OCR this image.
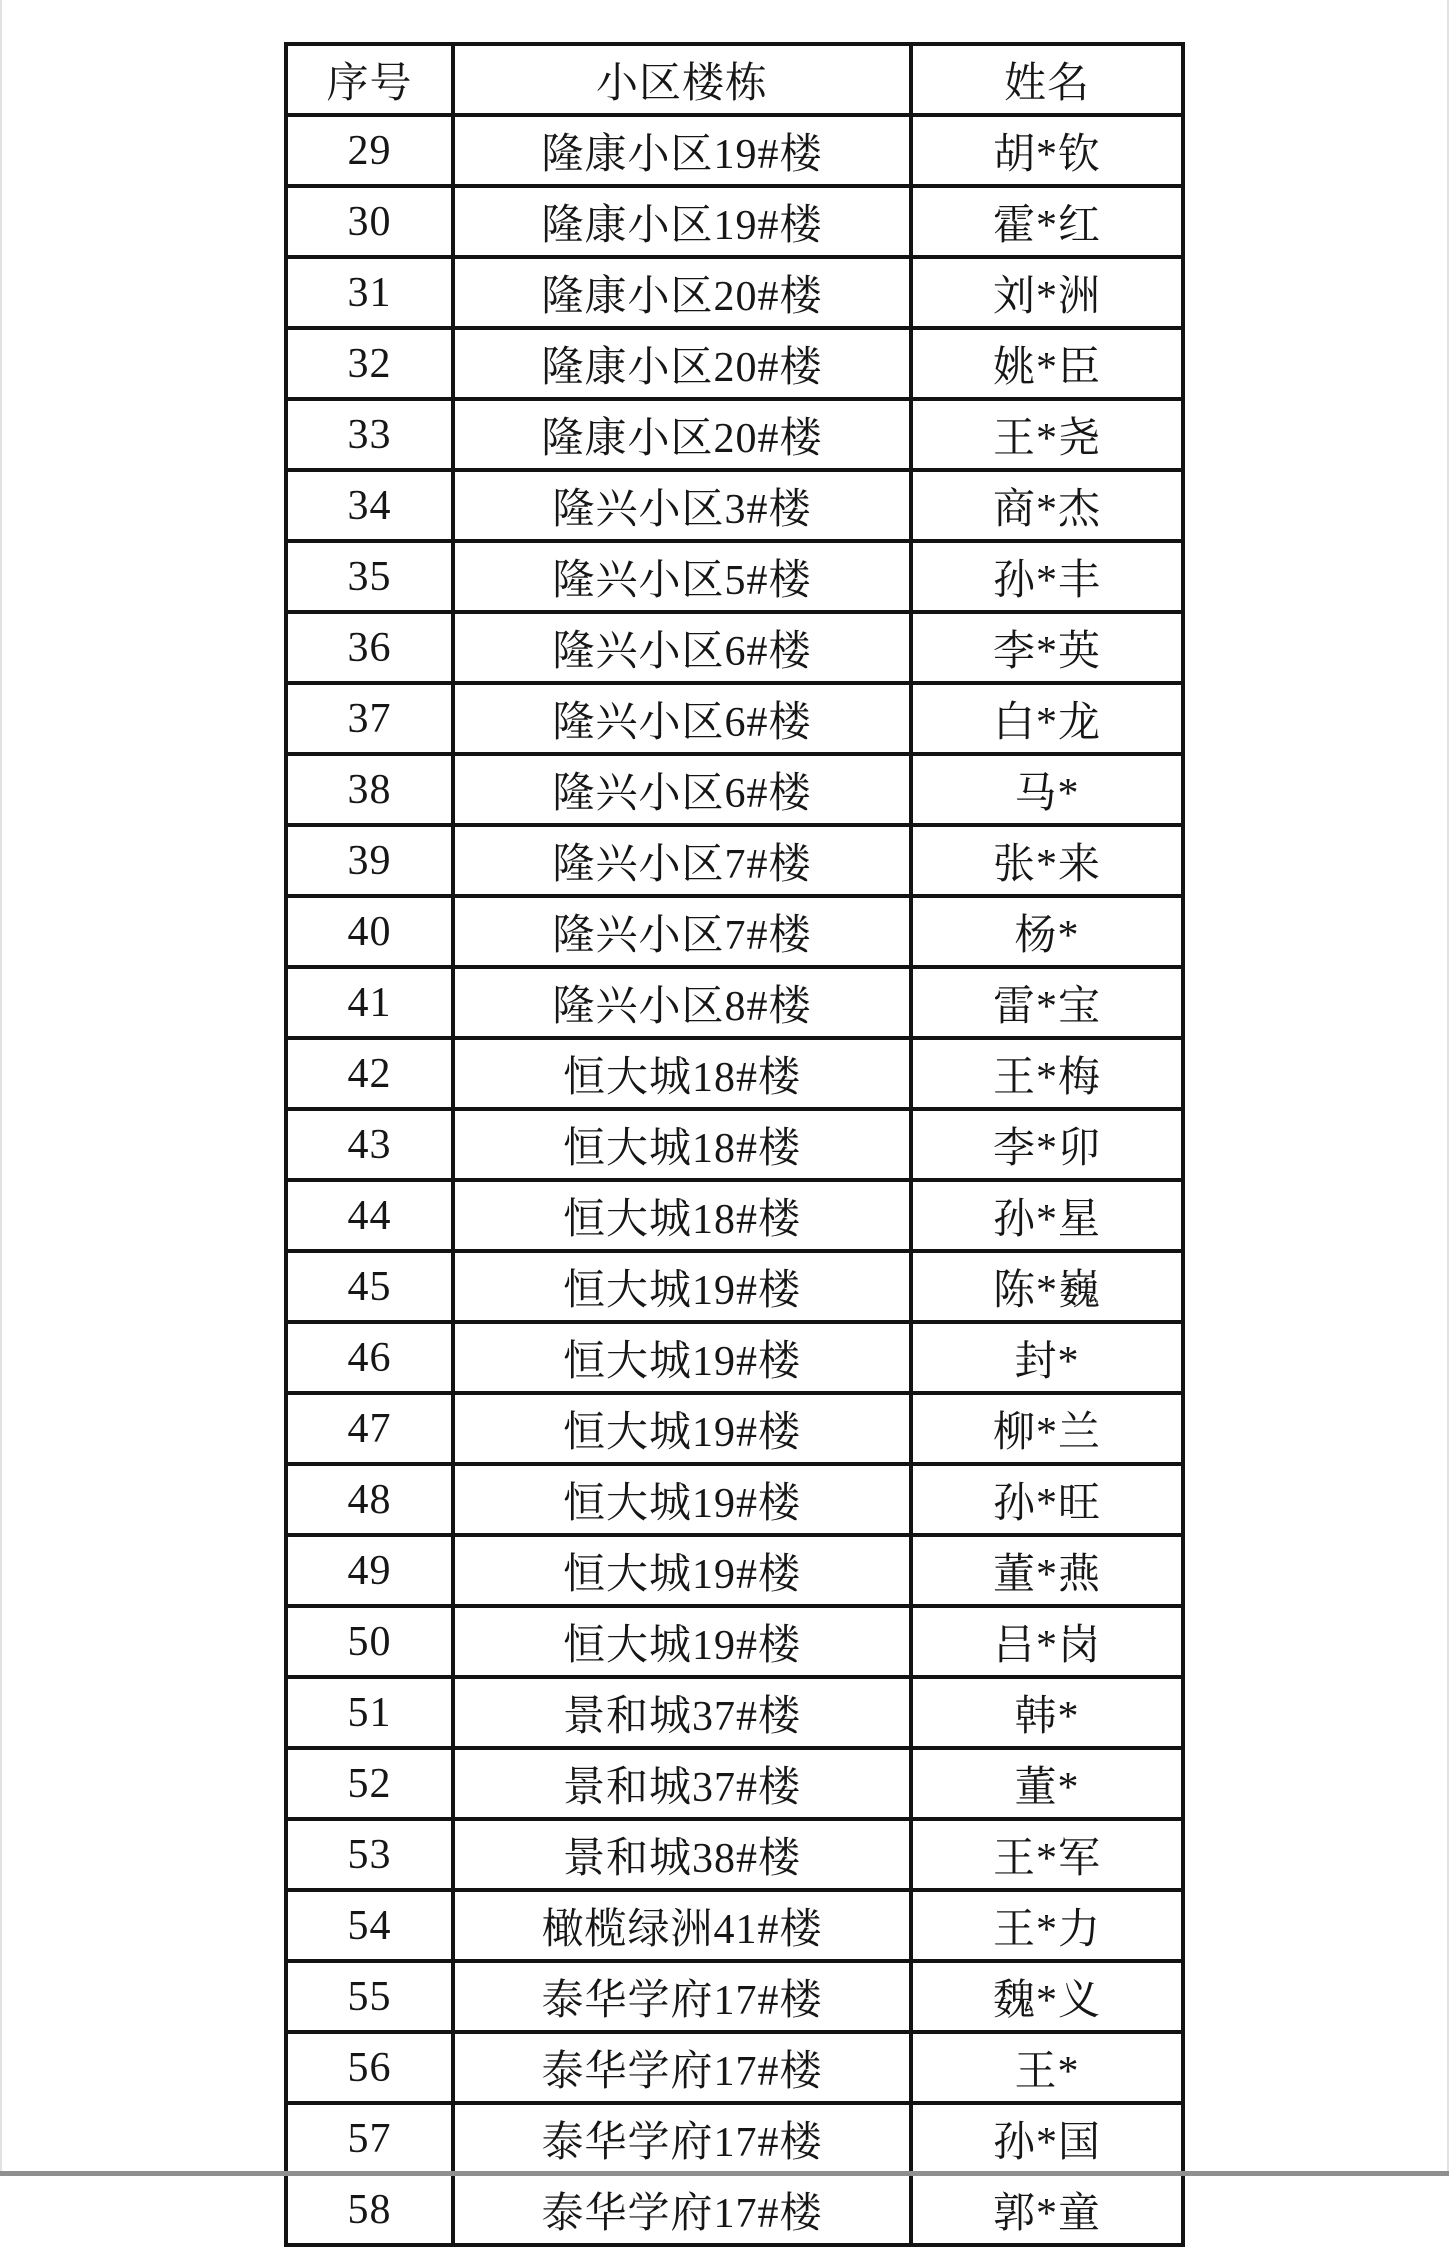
序号	小区楼栋	姓名
29	隆康小区19#楼	胡*钦
30	隆康小区19#楼	霍*红
31	隆康小区20#楼	刘*洲
32	隆康小区20#楼	姚*臣
33	隆康小区20#楼	王*尧
34	隆兴小区3#楼	商*杰
35	隆兴小区5#楼	孙*丰
36	隆兴小区6#楼	李*英
37	隆兴小区6#楼	白*龙
38	隆兴小区6#楼	马*
39	隆兴小区7#楼	张*来
40	隆兴小区7#楼	杨*
41	隆兴小区8#楼	雷*宝
42	恒大城18#楼	王*梅
43	恒大城18#楼	李*卯
44	恒大城18#楼	孙*星
45	恒大城19#楼	陈*巍
46	恒大城19#楼	封*
47	恒大城19#楼	柳*兰
48	恒大城19#楼	孙*旺
49	恒大城19#楼	董*燕
50	恒大城19#楼	吕*岗
51	景和城37#楼	韩*
52	景和城37#楼	董*
53	景和城38#楼	王*军
54	橄榄绿洲41#楼	王*力
55	泰华学府17#楼	魏*义
56	泰华学府17#楼	王*
57	泰华学府17#楼	孙*国
58	泰华学府17#楼	郭*童
